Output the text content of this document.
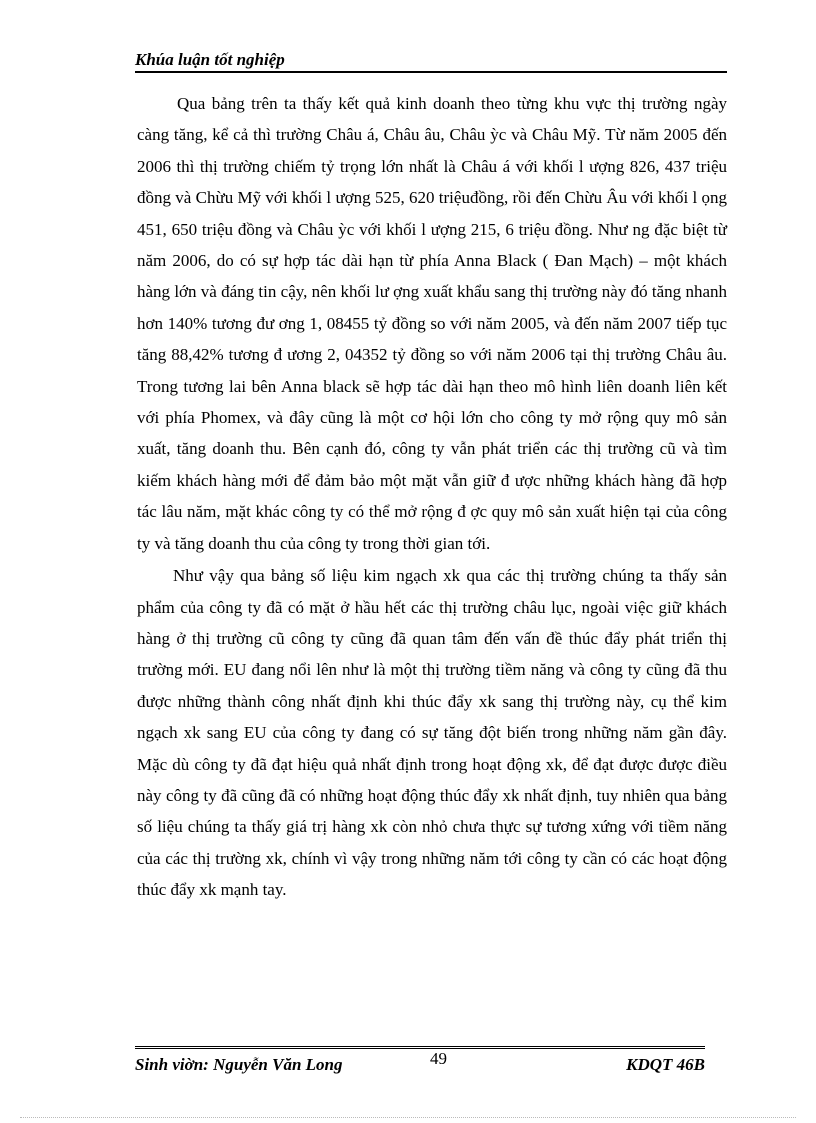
Khúa luận tốt nghiệp

Qua bảng trên ta thấy kết quả kinh doanh theo từng khu vực thị trường ngày càng tăng, kể cả thì trường Châu á, Châu âu, Châu ỳc và Châu Mỹ. Từ năm 2005 đến 2006 thì thị trường chiếm tỷ trọng lớn nhất là Châu á với khối l ượng 826, 437 triệu đồng và Chừu Mỹ với khối l ượng 525, 620 triệuđồng, rồi đến Chừu Âu với khối l ọng 451, 650 triệu đồng và Châu ỳc với khối l ượng 215, 6 triệu đồng. Như ng đặc biệt từ năm 2006, do có sự hợp tác dài hạn từ phía Anna Black ( Đan Mạch) – một khách hàng lớn và đáng tin cậy, nên khối lư ợng xuất khẩu sang thị trường này đó tăng nhanh hơn 140% tương đư ơng 1, 08455 tỷ đồng so với năm 2005, và đến năm 2007 tiếp tục tăng 88,42% tương đ ương 2, 04352 tỷ đồng so với năm 2006 tại thị trường Châu âu. Trong tương lai bên Anna black sẽ hợp tác dài hạn theo mô hình liên doanh liên kết với phía Phomex, và đây cũng là một cơ hội lớn cho công ty mở rộng quy mô sản xuất, tăng doanh thu. Bên cạnh đó, công ty vẫn phát triển các thị trường cũ và tìm kiếm khách hàng mới để đảm bảo một mặt vẫn giữ đ ược những khách hàng đã hợp tác lâu năm, mặt khác công ty có thể mở rộng đ ợc quy mô sản xuất hiện tại của công ty và tăng doanh thu của công ty trong thời gian tới.

Như vậy qua bảng số liệu kim ngạch xk qua các thị trường chúng ta thấy sản phẩm của công ty đã có mặt ở hầu hết các thị trường châu lục, ngoài việc giữ khách hàng ở thị trường cũ công ty cũng đã quan tâm đến vấn đề thúc đẩy phát triển thị trường mới. EU đang nổi lên như là một thị trường tiềm năng và công ty cũng đã thu được những thành công nhất định khi thúc đẩy xk sang thị trường này, cụ thể kim ngạch xk sang EU của công ty đang có sự tăng đột biến trong những năm gần đây. Mặc dù công ty đã đạt hiệu quả nhất định trong hoạt động xk, để đạt được được điều này công ty đã cũng đã có những hoạt động thúc đẩy xk nhất định, tuy nhiên qua bảng số liệu chúng ta thấy giá trị hàng xk còn nhỏ chưa thực sự tương xứng với tiềm năng của các thị trường xk, chính vì vậy trong những năm tới công ty cần có các hoạt động thúc đẩy xk mạnh tay.

Sinh viờn: Nguyễn Văn Long	49	KDQT 46B
